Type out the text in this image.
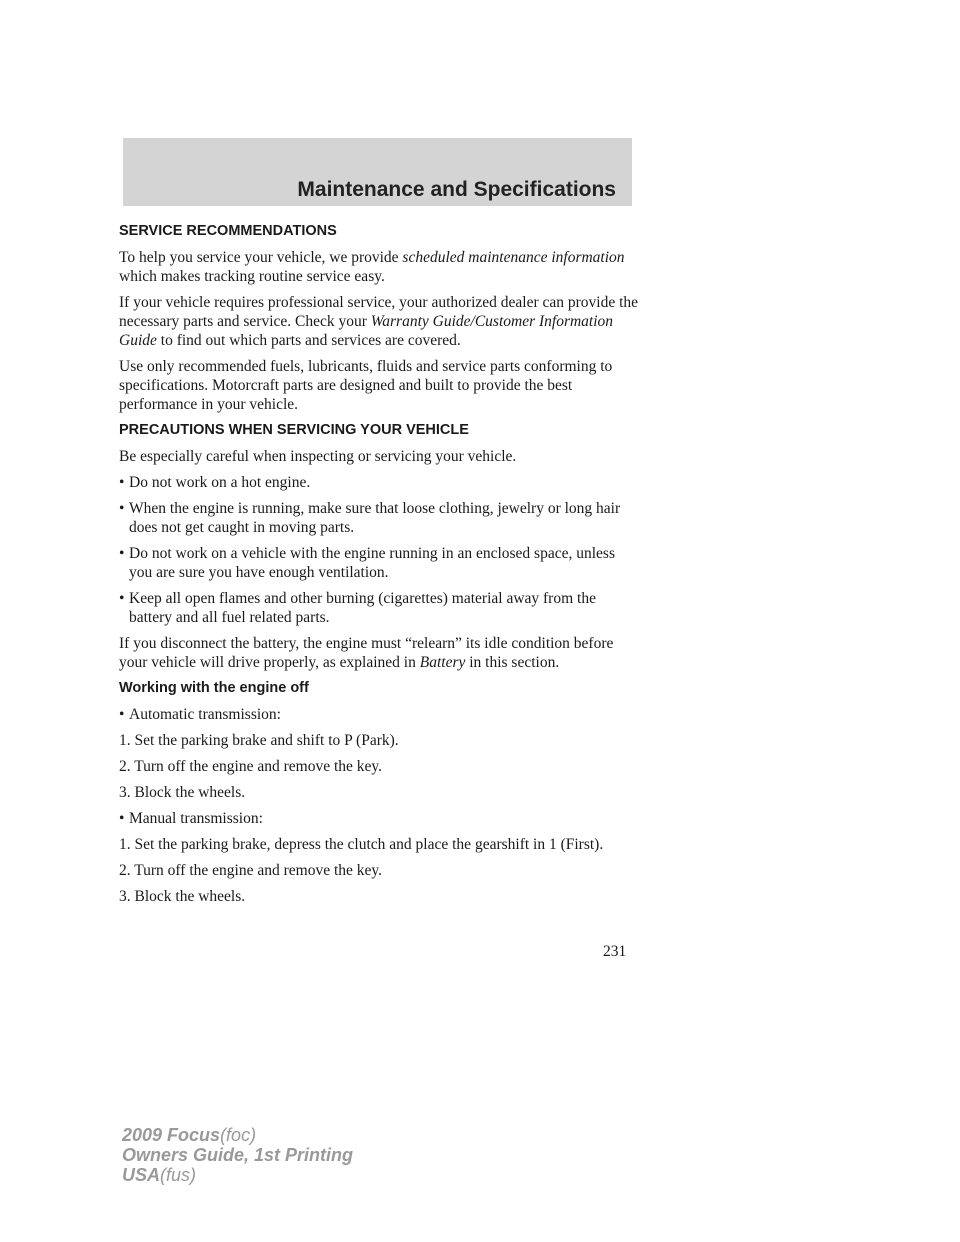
Maintenance and Specifications
SERVICE RECOMMENDATIONS

To help you service your vehicle, we provide scheduled maintenance information which makes tracking routine service easy.

If your vehicle requires professional service, your authorized dealer can provide the necessary parts and service. Check your Warranty Guide/Customer Information Guide to find out which parts and services are covered.

Use only recommended fuels, lubricants, fluids and service parts conforming to specifications. Motorcraft parts are designed and built to provide the best performance in your vehicle.

PRECAUTIONS WHEN SERVICING YOUR VEHICLE

Be especially careful when inspecting or servicing your vehicle.

• Do not work on a hot engine.
• When the engine is running, make sure that loose clothing, jewelry or long hair does not get caught in moving parts.
• Do not work on a vehicle with the engine running in an enclosed space, unless you are sure you have enough ventilation.
• Keep all open flames and other burning (cigarettes) material away from the battery and all fuel related parts.

If you disconnect the battery, the engine must “relearn” its idle condition before your vehicle will drive properly, as explained in Battery in this section.

Working with the engine off
• Automatic transmission:

1. Set the parking brake and shift to P (Park).

2. Turn off the engine and remove the key.

3. Block the wheels.

• Manual transmission:

1. Set the parking brake, depress the clutch and place the gearshift in 1 (First).

2. Turn off the engine and remove the key.

3. Block the wheels.

231
2009 Focus(foc)
Owners Guide, 1st Printing
USA(fus)
